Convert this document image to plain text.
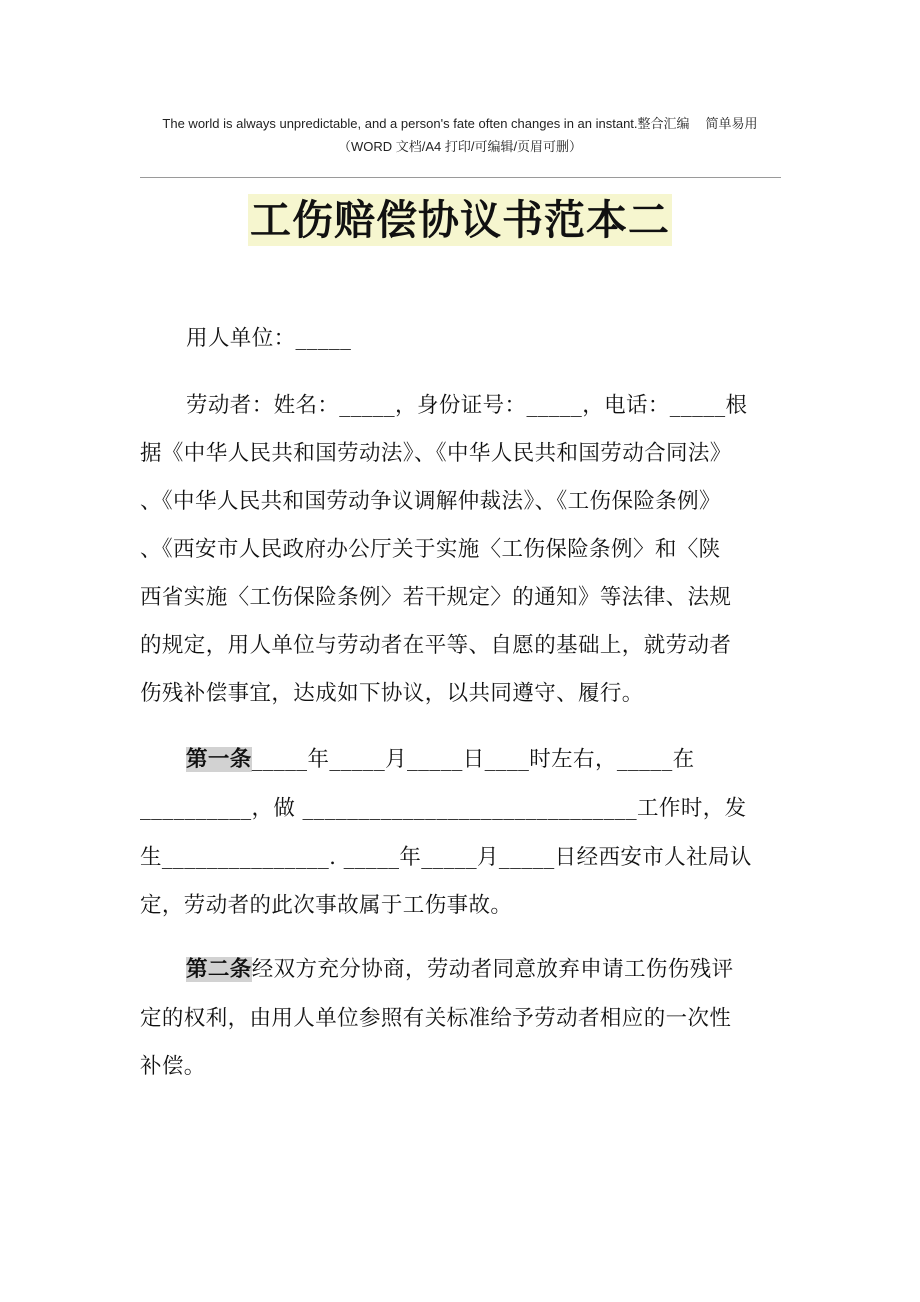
The world is always unpredictable, and a person's fate often changes in an instant.整合汇编 简单易用
（WORD 文档/A4 打印/可编辑/页眉可删）
工伤赔偿协议书范本二
用人单位：_____
劳动者：姓名：_____，身份证号：_____，电话：_____根
据《中华人民共和国劳动法》、《中华人民共和国劳动合同法》
、《中华人民共和国劳动争议调解仲裁法》、《工伤保险条例》
、《西安市人民政府办公厅关于实施〈工伤保险条例〉和〈陕
西省实施〈工伤保险条例〉若干规定〉的通知》等法律、法规
的规定，用人单位与劳动者在平等、自愿的基础上，就劳动者
伤残补偿事宜，达成如下协议，以共同遵守、履行。
第一条_____年_____月_____日____时左右，_____在
__________，做 ______________________________工作时，发
生_______________. _____年_____月_____日经西安市人社局认
定，劳动者的此次事故属于工伤事故。
第二条经双方充分协商，劳动者同意放弃申请工伤伤残评
定的权利，由用人单位参照有关标准给予劳动者相应的一次性
补偿。
